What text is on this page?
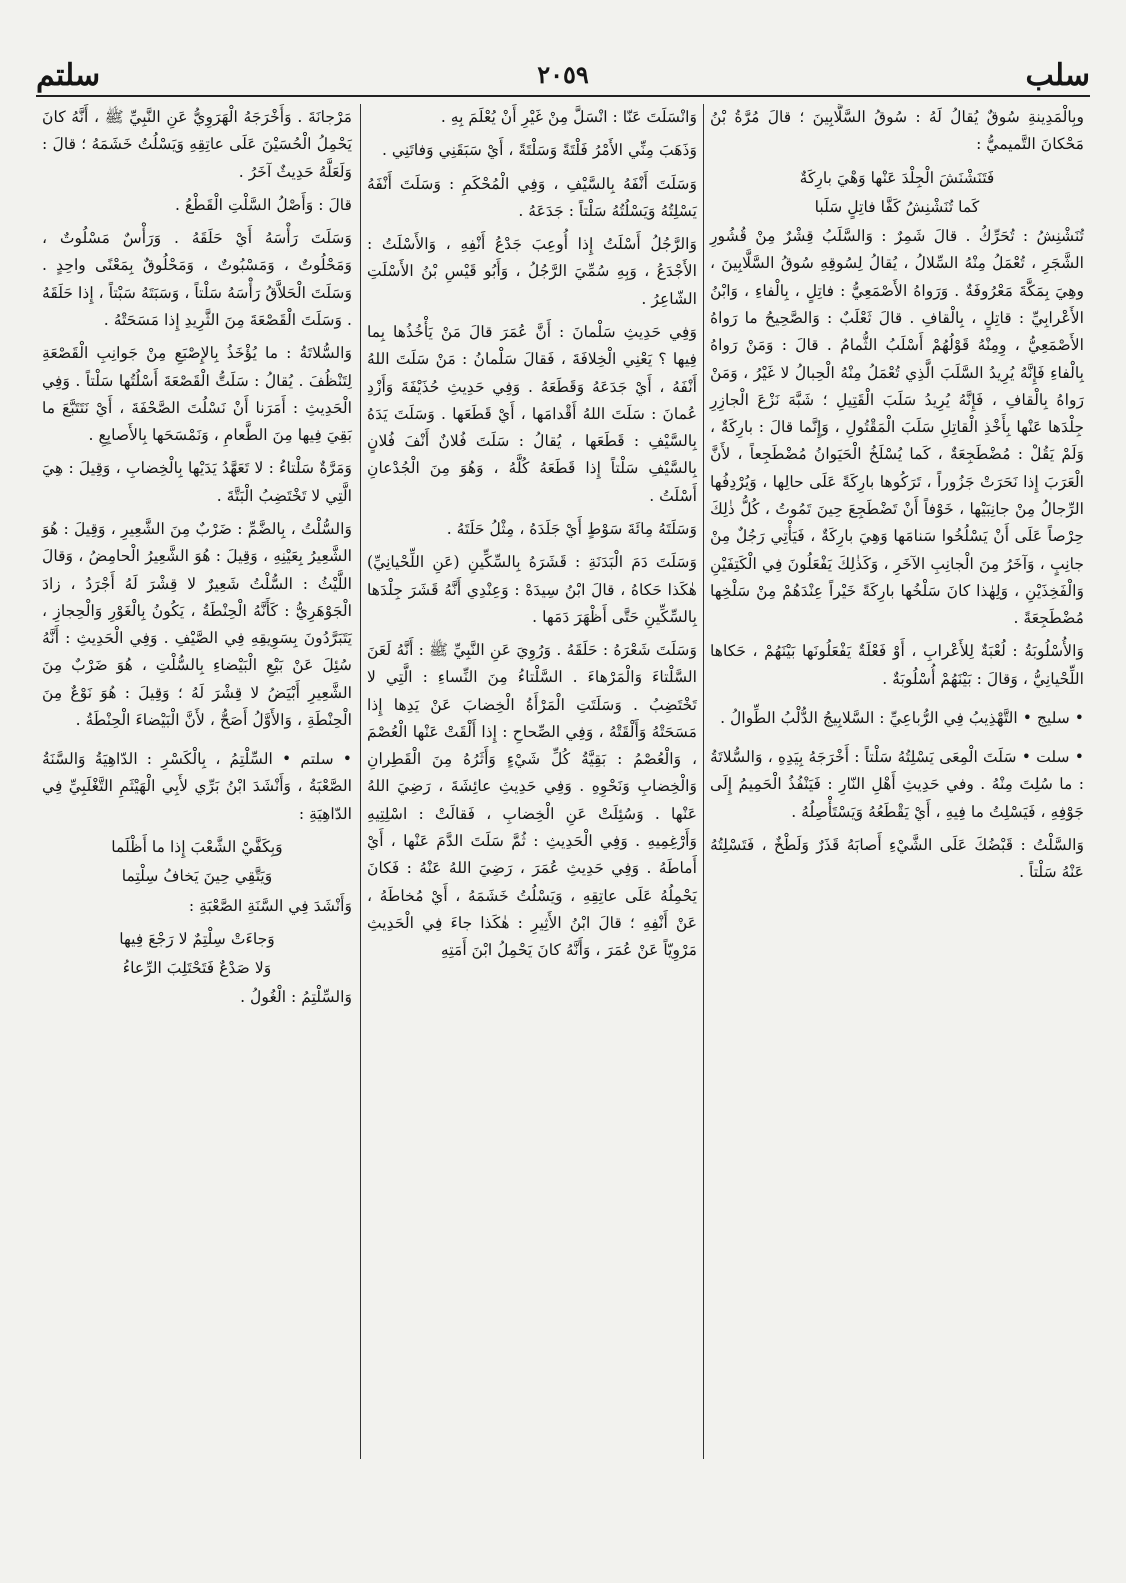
سلب
٢٠٥٩
سلتم

وبِالْمَدِينةِ سُوقٌ يُقالُ لَهُ : سُوقُ السَّلَّابِينَ ؛ قالَ مُرَّةُ بْنُ مَحْكانَ التَّميميُّ :

فَتَنَشْنَشَ الْجِلْدَ عَنْها وَهْيَ بارِكَةٌ

كَما تُنَشْنِشُ كَفَّا فاتِلٍ سَلَبا

تُنَشْنِشُ : تُحَرِّكُ . قالَ شَمِرٌ : وَالسَّلَبُ قِشْرٌ مِنْ قُشُورِ الشَّجَرِ ، تُعْمَلُ مِنْهُ السِّلالُ ، يُقالُ لِسُوقِهِ سُوقُ السَّلَّابِينَ ، وهِيَ بِمَكَّةَ مَعْرُوفَةٌ . وَرَواهُ الأَصْمَعِيُّ : فاتِلٍ ، بِالْفاءِ ، وَابْنُ الأَعْرابِيِّ : قاتِلٍ ، بِالْقافِ . قالَ ثَعْلَبٌ : وَالصَّحِيحُ ما رَواهُ الأَصْمَعِيُّ ، وِمِنْهُ قَوْلُهُمْ أَسْلَبُ الثُّمامُ . قالَ : وَمَنْ رَواهُ بِالْفاءِ فَإِنَّهُ يُرِيدُ السَّلَبَ الَّذِي تُعْمَلُ مِنْهُ الْحِبالُ لا غَيْرُ ، وَمَنْ رَواهُ بِالْقافِ ، فَإِنَّهُ يُرِيدُ سَلَبَ الْقَتِيلِ ؛ شَبَّهَ نَزْعَ الْجازِرِ جِلْدَها عَنْها بِأَخْذِ الْقاتِلِ سَلَبَ الْمَقْتُولِ ، وَإِنَّما قالَ : بارِكَةٌ ، وَلَمْ يَقُلْ : مُضْطَجِعَةٌ ، كَما يُسْلَخُ الْحَيَوانُ مُضْطَجِعاً ، لأَنَّ الْعَرَبَ إِذا نَحَرَتْ جَزُوراً ، تَرَكُوها بارِكَةً عَلَى حالِها ، وَيُرْدِفُها الرِّجالُ مِنْ جانِبَيْها ، خَوْفاً أَنْ تَضْطَجِعَ حِينَ تَمُوتُ ، كُلُّ ذٰلِكَ حِرْصاً عَلَى أَنْ يَسْلُخُوا سَنامَها وَهِيَ بارِكَةٌ ، فَيَأْتِي رَجُلٌ مِنْ جانِبٍ ، وَآخَرُ مِنَ الْجانِبِ الآخَرِ ، وَكَذٰلِكَ يَفْعَلُونَ فِي الْكَتِفَيْنِ وَالْفَخِذَيْنِ ، وَلِهٰذا كانَ سَلْخُها بارِكَةً خَيْراً عِنْدَهُمْ مِنْ سَلْخِها مُضْطَجِعَةً .

وَالأُسْلُوبَةُ : لُعْبَةٌ لِلأَعْرابِ ، أَوْ فَعْلَةٌ يَفْعَلُونَها بَيْنَهُمْ ، حَكاها اللِّحْيانِيُّ ، وَقالَ : بَيْنَهُمْ أُسْلُوبَةٌ .

• سليج • التَّهْذِيبُ فِي الرُّباعِيِّ : السَّلابِيجُ الدُّلْبُ الطِّوالُ .

• سلت • سَلَتَ الْمِعَى يَسْلِتُهُ سَلْتاً : أَخْرَجَهُ بِيَدِهِ ، وَالسُّلاتَةُ : ما سُلِتَ مِنْهُ . وفي حَدِيثِ أَهْلِ النّارِ : فَيَنْفُذُ الْحَمِيمُ إِلَى جَوْفِهِ ، فَيَسْلِتُ ما فِيهِ ، أَيْ يَقْطَعُهُ وَيَسْتَأْصِلُهُ .

وَالسَّلْتُ : قَبْضُكَ عَلَى الشَّيْءِ أَصابَهُ قَذَرٌ وَلَطْخٌ ، فَتَسْلِتُهُ عَنْهُ سَلْتاً .

وَانْسَلَتَ عَنّا : انْسَلَّ مِنْ غَيْرِ أَنْ يُعْلَمَ بِهِ .

وَذَهَبَ مِنِّي الأَمْرُ فَلْتَةً وَسَلْتَةً ، أَيْ سَبَقَنِي وَفاتَنِي .

وَسَلَتَ أَنْفَهُ بِالسَّيْفِ ، وَفِي الْمُحْكَمِ : وَسَلَتَ أَنْفَهُ يَسْلِتُهُ وَيَسْلُتُهُ سَلْتاً : جَدَعَهُ .

وَالرَّجُلُ أَسْلَتُ إِذا أُوعِبَ جَدْعُ أَنْفِهِ ، وَالأَسْلَتُ : الأَجْدَعُ ، وَبِهِ سُمِّيَ الرَّجُلُ ، وَأَبُو قَيْسِ بْنُ الأَسْلَتِ الشّاعِرُ .

وَفِي حَدِيثِ سَلْمانَ : أَنَّ عُمَرَ قالَ مَنْ يَأْخُذُها بِما فِيها ؟ يَعْنِي الْخِلافَةَ ، فَقالَ سَلْمانُ : مَنْ سَلَتَ اللهُ أَنْفَهُ ، أَيْ جَدَعَهُ وَقَطَعَهُ . وَفِي حَدِيثِ حُذَيْفَةَ وَأَزْدِ عُمانَ : سَلَتَ اللهُ أَقْدامَها ، أَيْ قَطَعَها . وَسَلَتَ يَدَهُ بِالسَّيْفِ : قَطَعَها ، يُقالُ : سَلَتَ فُلانٌ أَنْفَ فُلانٍ بِالسَّيْفِ سَلْتاً إِذا قَطَعَهُ كُلَّهُ ، وَهُوَ مِنَ الْجُدْعانِ أَسْلَتُ .

وَسَلَتَهُ مِائَةَ سَوْطٍ أَيْ جَلَدَهُ ، مِثْلُ حَلَتَهُ .

وَسَلَتَ دَمَ الْبَدَنَةِ : قَشَرَهُ بِالسِّكِّينِ (عَنِ اللِّحْيانِيِّ) هٰكَذا حَكاهُ ، قالَ ابْنُ سِيدَهْ : وَعِنْدِي أَنَّهُ قَشَرَ جِلْدَها بِالسِّكِّينِ حَتَّى أَظْهَرَ دَمَها .

وَسَلَتَ شَعْرَهُ : حَلَقَهُ . وَرُوِيَ عَنِ النَّبِيِّ ﷺ : أَنَّهُ لَعَنَ السَّلْتاءَ وَالْمَرْهاءَ . السَّلْتاءُ مِنَ النِّساءِ : الَّتِي لا تَخْتَضِبُ . وَسَلَتَتِ الْمَرْأَةُ الْخِضابَ عَنْ يَدِها إِذا مَسَحَتْهُ وَأَلْقَتْهُ ، وَفِي الصِّحاحِ : إِذا أَلْقَتْ عَنْها الْعُصْمَ ، وَالْعُصْمُ : بَقِيَّةُ كُلِّ شَيْءٍ وَأَثَرُهُ مِنَ الْقَطِرانِ وَالْخِضابِ وَنَحْوِهِ . وَفِي حَدِيثِ عائِشَةَ ، رَضِيَ اللهُ عَنْها . وَسُئِلَتْ عَنِ الْخِضابِ ، فَقالَتْ : اسْلِتِيهِ وَأَرْغِمِيهِ . وَفِي الْحَدِيثِ : ثُمَّ سَلَتَ الدَّمَ عَنْها ، أَيْ أَماطَهُ . وَفِي حَدِيثِ عُمَرَ ، رَضِيَ اللهُ عَنْهُ : فَكانَ يَحْمِلُهُ عَلَى عاتِقِهِ ، وَيَسْلُتُ خَشَمَهُ ، أَيْ مُخاطَهُ ، عَنْ أَنْفِهِ ؛ قالَ ابْنُ الأَثِيرِ : هٰكَذا جاءَ فِي الْحَدِيثِ مَرْوِيّاً عَنْ عُمَرَ ، وَأَنَّهُ كانَ يَحْمِلُ ابْنَ أَمَتِهِ

مَرْجانَةَ . وَأَخْرَجَهُ الْهَرَوِيُّ عَنِ النَّبِيِّ ﷺ ، أَنَّهُ كانَ يَحْمِلُ الْحُسَيْنَ عَلَى عاتِقِهِ وَيَسْلُتُ خَشَمَهُ ؛ قالَ : وَلَعَلَّهُ حَدِيثٌ آخَرُ .

قالَ : وَأَصْلُ السَّلْتِ الْقَطْعُ .

وَسَلَتَ رَأْسَهُ أَيْ حَلَقَهُ . وَرَأْسٌ مَسْلُوتٌ ، وَمَحْلُوتٌ ، وَمَسْبُوتٌ ، وَمَحْلُوقٌ بِمَعْنًى واحِدٍ . وَسَلَتَ الْحَلاَّقُ رَأْسَهُ سَلْتاً ، وَسَبَتَهُ سَبْتاً ، إِذا حَلَقَهُ . وَسَلَتَ الْقَصْعَةَ مِنَ الثَّرِيدِ إِذا مَسَحَتْهُ .

وَالسُّلاتَةُ : ما يُؤْخَذُ بِالإِصْبَعِ مِنْ جَوانِبِ الْقَصْعَةِ لِتَنْظُفَ . يُقالُ : سَلَتُّ الْقَصْعَةَ أَسْلُتُها سَلْتاً . وَفِي الْحَدِيثِ : أَمَرَنا أَنْ نَسْلُتَ الصَّحْفَةَ ، أَيْ نَتَتَبَّعَ ما بَقِيَ فِيها مِنَ الطَّعامِ ، وَنَمْسَحَها بِالأَصابِعِ .

وَمَرَّةٌ سَلْتاءُ : لا تَعَهَّدُ يَدَيْها بِالْخِضابِ ، وَقِيلَ : هِيَ الَّتِي لا تَخْتَضِبُ الْبَتَّةَ .

وَالسُّلْتُ ، بِالضَّمِّ : ضَرْبٌ مِنَ الشَّعِيرِ ، وَقِيلَ : هُوَ الشَّعِيرُ بِعَيْنِهِ ، وَقِيلَ : هُوَ الشَّعِيرُ الْحامِضُ ، وَقالَ اللَّيْثُ : السُّلْتُ شَعِيرٌ لا قِشْرَ لَهُ أَجْرَدُ ، زادَ الْجَوْهَرِيُّ : كَأَنَّهُ الْحِنْطَةُ ، يَكُونُ بِالْغَوْرِ وَالْحِجازِ ، يَتَبَرَّدُونَ بِسَوِيقِهِ فِي الصَّيْفِ . وَفِي الْحَدِيثِ : أَنَّهُ سُئِلَ عَنْ بَيْعِ الْبَيْضاءِ بِالسُّلْتِ ، هُوَ ضَرْبٌ مِنَ الشَّعِيرِ أَبْيَضُ لا قِشْرَ لَهُ ؛ وَقِيلَ : هُوَ نَوْعٌ مِنَ الْحِنْطَةِ ، وَالأَوَّلُ أَصَحُّ ، لأَنَّ الْبَيْضاءَ الْحِنْطَةُ .

• سلتم • السِّلْتِمُ ، بِالْكَسْرِ : الدّاهِيَةُ وَالسَّنَةُ الصَّعْبَةُ ، وَأَنْشَدَ ابْنُ بَرِّي لأَبِي الْهَيْثَمِ التَّغْلَبِيِّ فِي الدّاهِيَةِ :

وَبِكَفَّيْ الشَّعْبَ إِذا ما أَظْلَما

وَيَتَّقِي حِينَ يَخافُ سِلْتِما

وَأَنْشَدَ فِي السَّنَةِ الصَّعْبَةِ :

وَجاءَتْ سِلْتِمٌ لا رَجْعَ فِيها

وَلا صَدْعٌ فَتَحْتَلِبَ الرِّعاءُ

وَالسِّلْتِمُ : الْغُولُ .
